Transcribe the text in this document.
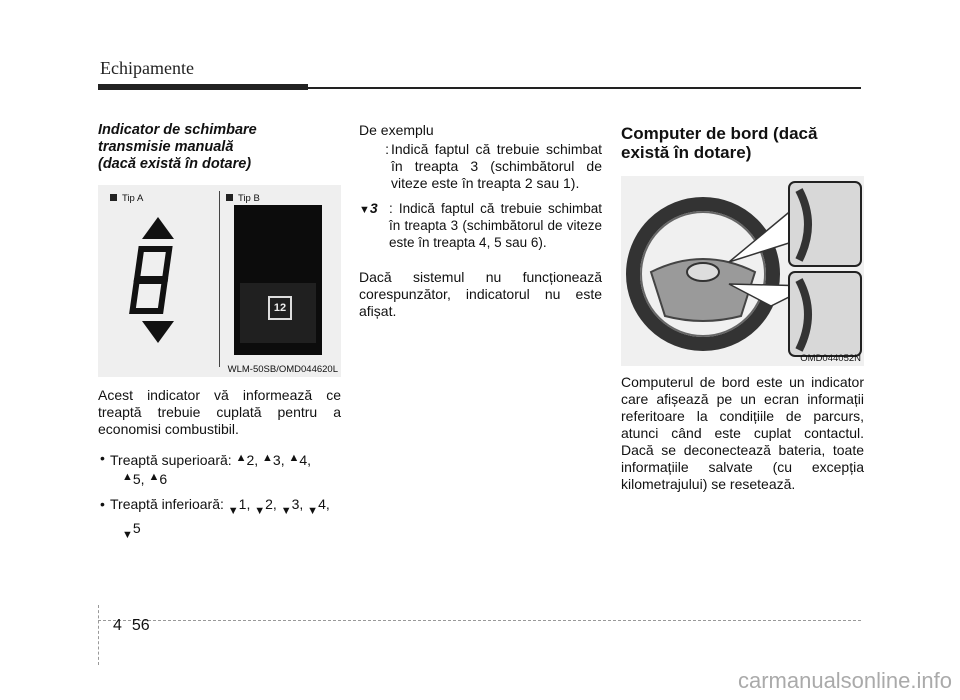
Echipamente
Indicator de schimbare
transmisie manuală
(dacă există în dotare)
Tip A	Tip B
12
WLM-50SB/OMD044620L

Acest indicator vă informează ce treaptă trebuie cuplată pentru a economisi combustibil.

• Treaptă superioară: ▲2, ▲3, ▲4,
▲5, ▲6
• Treaptă inferioară: ▼1, ▼2, ▼3, ▼4,
▼5
De exemplu
: Indică faptul că trebuie schimbat în treapta 3 (schimbătorul de viteze este în treapta 2 sau 1).
▼3 : Indică faptul că trebuie schimbat în treapta 3 (schimbătorul de viteze este în treapta 4, 5 sau 6).

Dacă sistemul nu funcționează corespunzător, indicatorul nu este afișat.

Computer de bord (dacă
există în dotare)
OMD044052N

Computerul de bord este un indicator care afișează pe un ecran informații referitoare la condițiile de parcurs, atunci când este cuplat contactul. Dacă se deconectează bateria, toate informațiile salvate (cu excepția kilometrajului) se resetează.

4 56
carmanualsonline.info
